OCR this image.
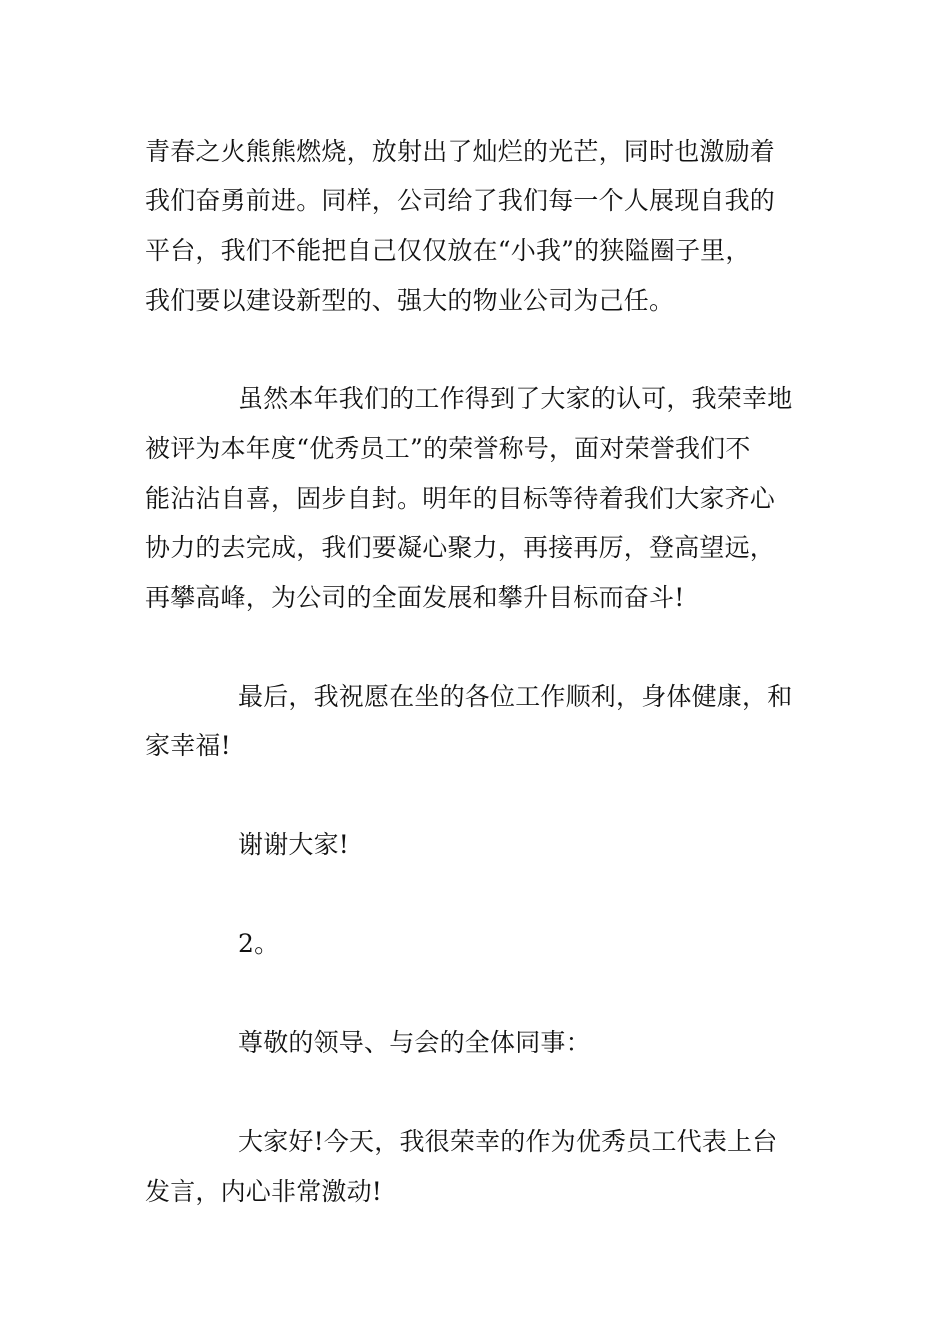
青春之火熊熊燃烧，放射出了灿烂的光芒，同时也激励着
我们奋勇前进。同样，公司给了我们每一个人展现自我的
平台，我们不能把自己仅仅放在“小我”的狭隘圈子里，
我们要以建设新型的、强大的物业公司为己任。
虽然本年我们的工作得到了大家的认可，我荣幸地
被评为本年度“优秀员工”的荣誉称号，面对荣誉我们不
能沾沾自喜，固步自封。明年的目标等待着我们大家齐心
协力的去完成，我们要凝心聚力，再接再厉，登高望远，
再攀高峰，为公司的全面发展和攀升目标而奋斗!
最后，我祝愿在坐的各位工作顺利，身体健康，和
家幸福!
谢谢大家!
2。
尊敬的领导、与会的全体同事：
大家好!今天，我很荣幸的作为优秀员工代表上台
发言，内心非常激动!
